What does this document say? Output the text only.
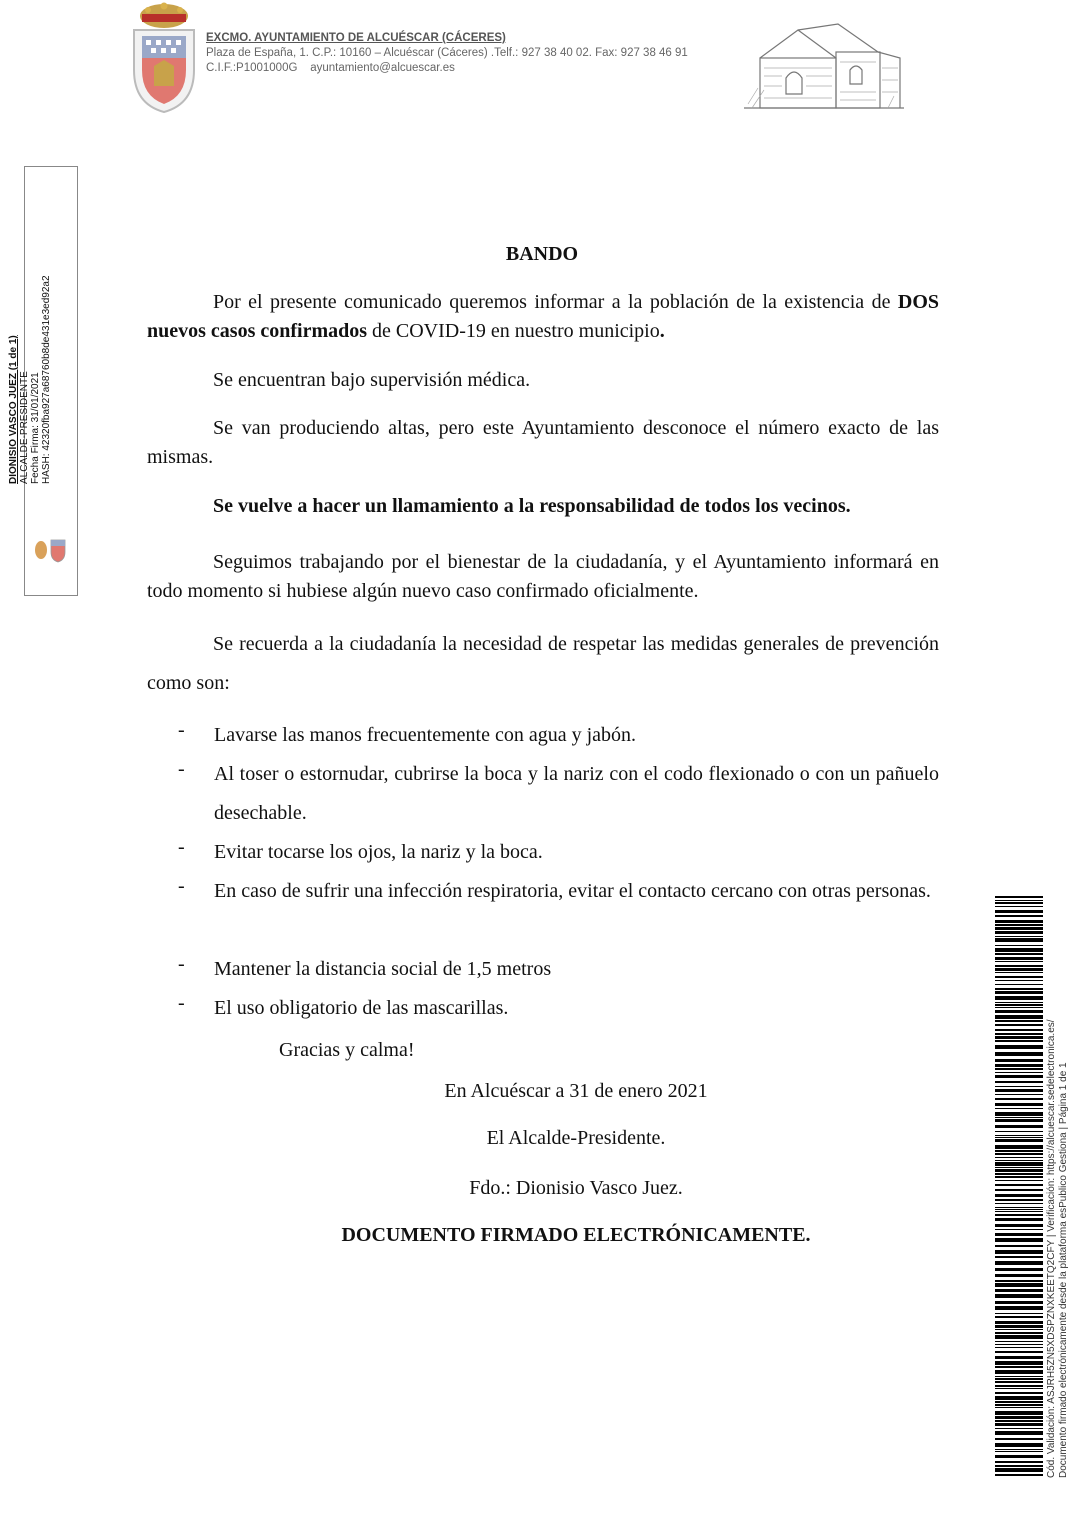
EXCMO. AYUNTAMIENTO DE ALCUÉSCAR (CÁCERES)
Plaza de España, 1. C.P.: 10160 – Alcuéscar (Cáceres) .Telf.: 927 38 40 02. Fax: 927 38 46 91
C.I.F.:P1001000G ayuntamiento@alcuescar.es
DIONISIO VASCO JUEZ (1 de 1) ALCALDE-PRESIDENTE Fecha Firma: 31/01/2021 HASH: 42320fba927a68760b8de431e3ed92a2
BANDO

Por el presente comunicado queremos informar a la población de la existencia de DOS nuevos casos confirmados de COVID-19 en nuestro municipio.

Se encuentran bajo supervisión médica.

Se van produciendo altas, pero este Ayuntamiento desconoce el número exacto de las mismas.

Se vuelve a hacer un llamamiento a la responsabilidad de todos los vecinos.

Seguimos trabajando por el bienestar de la ciudadanía, y el Ayuntamiento informará en todo momento si hubiese algún nuevo caso confirmado oficialmente.

Se recuerda a la ciudadanía la necesidad de respetar las medidas generales de prevención como son:

- Lavarse las manos frecuentemente con agua y jabón.
- Al toser o estornudar, cubrirse la boca y la nariz con el codo flexionado o con un pañuelo desechable.
- Evitar tocarse los ojos, la nariz y la boca.
- En caso de sufrir una infección respiratoria, evitar el contacto cercano con otras personas.
- Mantener la distancia social de 1,5 metros
- El uso obligatorio de las mascarillas.
Gracias y calma!
En Alcuéscar a 31 de enero 2021
El Alcalde-Presidente.
Fdo.: Dionisio Vasco Juez.
DOCUMENTO FIRMADO ELECTRÓNICAMENTE.	Cód. Validación: ASJRH5ZN5XDSPZNXKEETQ2CFY | Verificación: https://alcuescar.sedelectronica.es/ Documento firmado electrónicamente desde la plataforma esPublico Gestiona | Página 1 de 1
